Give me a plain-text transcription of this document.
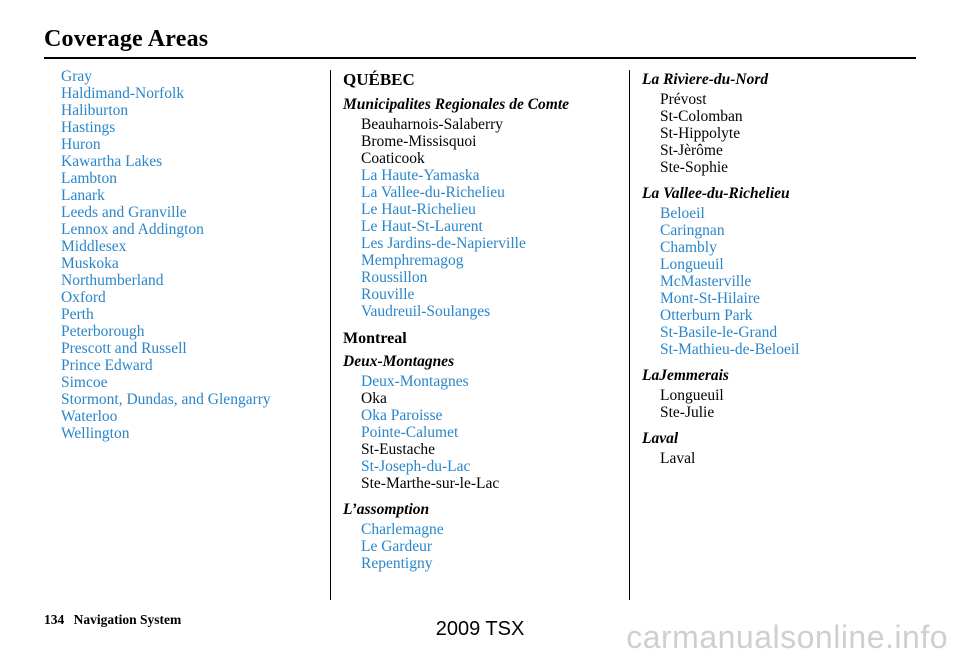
Coverage Areas
Gray
Haldimand-Norfolk
Haliburton
Hastings
Huron
Kawartha Lakes
Lambton
Lanark
Leeds and Granville
Lennox and Addington
Middlesex
Muskoka
Northumberland
Oxford
Perth
Peterborough
Prescott and Russell
Prince Edward
Simcoe
Stormont, Dundas, and Glengarry
Waterloo
Wellington
QUÉBEC
Municipalites Regionales de Comte
Beauharnois-Salaberry
Brome-Missisquoi
Coaticook
La Haute-Yamaska
La Vallee-du-Richelieu
Le Haut-Richelieu
Le Haut-St-Laurent
Les Jardins-de-Napierville
Memphremagog
Roussillon
Rouville
Vaudreuil-Soulanges
Montreal
Deux-Montagnes
Deux-Montagnes
Oka
Oka Paroisse
Pointe-Calumet
St-Eustache
St-Joseph-du-Lac
Ste-Marthe-sur-le-Lac
L’assomption
Charlemagne
Le Gardeur
Repentigny
La Rivìere-du-Nord
Prévost
St-Colomban
St-Hippolyte
St-Jèrôme
Ste-Sophie
La Vallee-du-Richelieu
Beloeil
Caringnan
Chambly
Longueuil
McMasterville
Mont-St-Hilaire
Otterburn Park
St-Basile-le-Grand
St-Mathieu-de-Beloeil
LaJemmerais
Longueuil
Ste-Julie
Laval
Laval
134 Navigation System	2009 TSX	carmanualsonline.info
